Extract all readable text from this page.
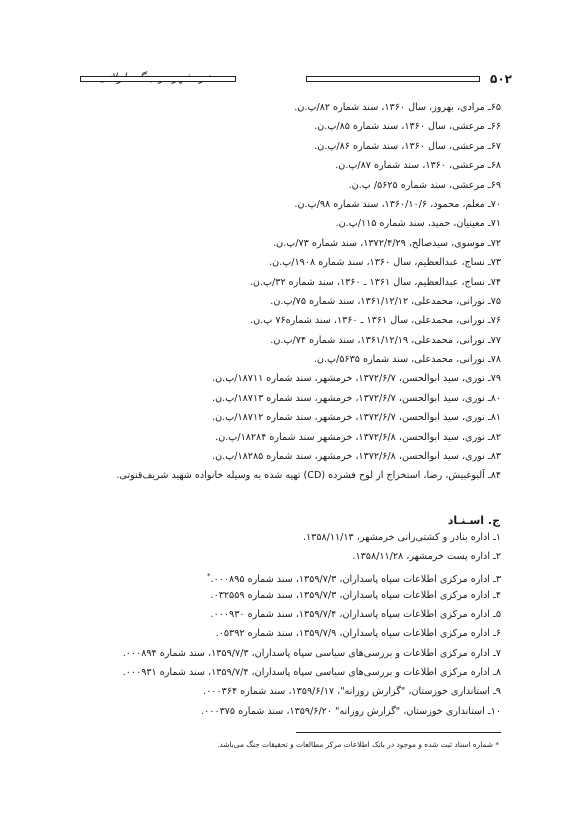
۵۰۲
۶۵ـ مرادی، بهروز، سال ۱۳۶۰، سند شماره ۸۲/پ.ن.
۶۶ـ مرعشی، سال ۱۳۶۰، سند شماره ۸۵/پ.ن.
۶۷ـ مرعشی، سال ۱۳۶۰، سند شماره ۸۶/پ.ن.
۶۸ـ مرعشی، ۱۳۶۰، سند شماره ۸۷/پ.ن.
۶۹ـ مرعشی، سند شماره ۵۶۲۵/ پ.ن.
۷۰ـ معلم، محمود، ۱۳۶۰/۱۰/۶، سند شماره ۹۸/پ.ن.
۷۱ـ معینیان، حمید، سند شماره ۱۱۵/پ.ن.
۷۲ـ موسوی، سیدصالح، ۱۳۷۲/۴/۲۹، سند شماره ۷۳/پ.ن.
۷۳ـ نساج، عبدالعظیم، سال ۱۳۶۰، سند شماره ۱۹۰۸/پ.ن.
۷۴ـ نساج، عبدالعظیم، سال ۱۳۶۱ ـ ۱۳۶۰، سند شماره ۳۲/پ.ن.
۷۵ـ نورانی، محمدعلی، ۱۳۶۱/۱۲/۱۲، سند شماره ۷۵/پ.ن.
۷۶ـ نورانی، محمدعلی، سال ۱۳۶۱ ـ ۱۳۶۰، سند شماره۷۶ پ.ن.
۷۷ـ نورانی، محمدعلی، ۱۳۶۱/۱۲/۱۹، سند شماره ۷۴/پ.ن.
۷۸ـ نورانی، محمدعلی، سند شماره ۵۶۳۵/پ.ن.
۷۹ـ نوری، سید ابوالحسن، ۱۳۷۲/۶/۷، خرمشهر، سند شماره ۱۸۷۱۱/پ.ن.
۸۰ـ نوری، سید ابوالحسن، ۱۳۷۲/۶/۷، خرمشهر، سند شماره ۱۸۷۱۳/پ.ن.
۸۱ـ نوری، سید ابوالحسن، ۱۳۷۲/۶/۷، خرمشهر، سند شماره ۱۸۷۱۲/پ.ن.
۸۲ـ نوری، سید ابوالحسن، ۱۳۷۲/۶/۸، خرمشهر سند شماره ۱۸۲۸۴/پ.ن.
۸۳ـ نوری، سید ابوالحسن، ۱۳۷۲/۶/۸، خرمشهر، سند شماره ۱۸۲۸۵/پ.ن.
۸۴ـ آلبوغبیش، رضا، استخراج از لوح فشرده (CD) تهیه شده به وسیله خانواده شهید شریف‌قنوتی.
ج. اسـنـاد
۱ـ اداره بنادر و کشتی‌رانی خرمشهر، ۱۳۵۸/۱۱/۱۳.
۲ـ اداره پست خرمشهر، ۱۳۵۸/۱۱/۲۸.
۳ـ اداره مرکزی اطلاعات سپاه پاسداران، ۱۳۵۹/۷/۳، سند شماره ۰۰۰۸۹۵.*
۴ـ اداره مرکزی اطلاعات سپاه پاسداران، ۱۳۵۹/۷/۳، سند شماره ۰۳۲۵۵۹.
۵ـ اداره مرکزی اطلاعات سپاه پاسداران، ۱۳۵۹/۷/۴، سند شماره ۰۰۰۹۳۰.
۶ـ اداره مرکزی اطلاعات سپاه پاسداران، ۱۳۵۹/۷/۹، سند شماره ۰۵۳۹۲.
۷ـ اداره مرکزی اطلاعات و بررسی‌های سیاسی سپاه پاسداران، ۱۳۵۹/۷/۳، سند شماره ۰۰۰۸۹۴.
۸ـ اداره مرکزی اطلاعات و بررسی‌های سیاسی سپاه پاسداران، ۱۳۵۹/۷/۴، سند شماره ۰۰۰۹۳۱.
۹ـ استانداری خوزستان، "گزارش روزانه"، ۱۳۵۹/۶/۱۷، سند شماره ۰۰۰۳۶۴.
۱۰ـ استانداری خوزستان، "گزارش روزانه" ۱۳۵۹/۶/۲۰، سند شماره ۰۰۰۳۷۵.
* شماره اسناد ثبت شده و موجود در بانک اطلاعات مرکز مطالعات و تحقیقات جنگ می‌باشد.
